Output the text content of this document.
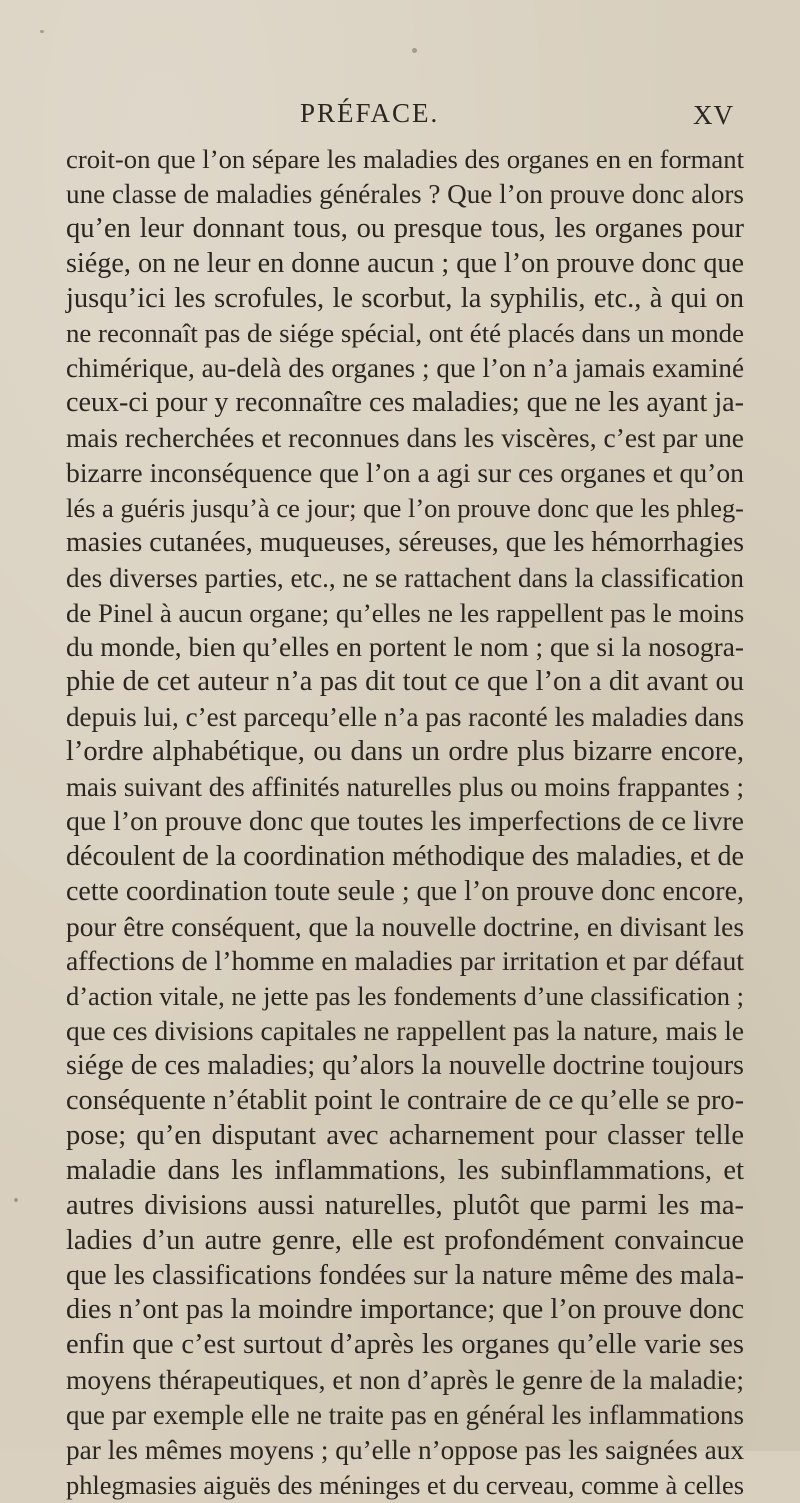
PRÉFACE.	XV
croit-on que l’on sépare les maladies des organes en en formant
une classe de maladies générales ? Que l’on prouve donc alors
qu’en leur donnant tous, ou presque tous, les organes pour
siége, on ne leur en donne aucun ; que l’on prouve donc que
jusqu’ici les scrofules, le scorbut, la syphilis, etc., à qui on
ne reconnaît pas de siége spécial, ont été placés dans un monde
chimérique, au-delà des organes ; que l’on n’a jamais examiné
ceux-ci pour y reconnaître ces maladies; que ne les ayant ja-
mais recherchées et reconnues dans les viscères, c’est par une
bizarre inconséquence que l’on a agi sur ces organes et qu’on
lés a guéris jusqu’à ce jour; que l’on prouve donc que les phleg-
masies cutanées, muqueuses, séreuses, que les hémorrhagies
des diverses parties, etc., ne se rattachent dans la classification
de Pinel à aucun organe; qu’elles ne les rappellent pas le moins
du monde, bien qu’elles en portent le nom ; que si la nosogra-
phie de cet auteur n’a pas dit tout ce que l’on a dit avant ou
depuis lui, c’est parcequ’elle n’a pas raconté les maladies dans
l’ordre alphabétique, ou dans un ordre plus bizarre encore,
mais suivant des affinités naturelles plus ou moins frappantes ;
que l’on prouve donc que toutes les imperfections de ce livre
découlent de la coordination méthodique des maladies, et de
cette coordination toute seule ; que l’on prouve donc encore,
pour être conséquent, que la nouvelle doctrine, en divisant les
affections de l’homme en maladies par irritation et par défaut
d’action vitale, ne jette pas les fondements d’une classification ;
que ces divisions capitales ne rappellent pas la nature, mais le
siége de ces maladies; qu’alors la nouvelle doctrine toujours
conséquente n’établit point le contraire de ce qu’elle se pro-
pose; qu’en disputant avec acharnement pour classer telle
maladie dans les inflammations, les subinflammations, et
autres divisions aussi naturelles, plutôt que parmi les ma-
ladies d’un autre genre, elle est profondément convaincue
que les classifications fondées sur la nature même des mala-
dies n’ont pas la moindre importance; que l’on prouve donc
enfin que c’est surtout d’après les organes qu’elle varie ses
moyens thérapeutiques, et non d’après le genre de la maladie;
que par exemple elle ne traite pas en général les inflammations
par les mêmes moyens ; qu’elle n’oppose pas les saignées aux
phlegmasies aiguës des méninges et du cerveau, comme à celles
